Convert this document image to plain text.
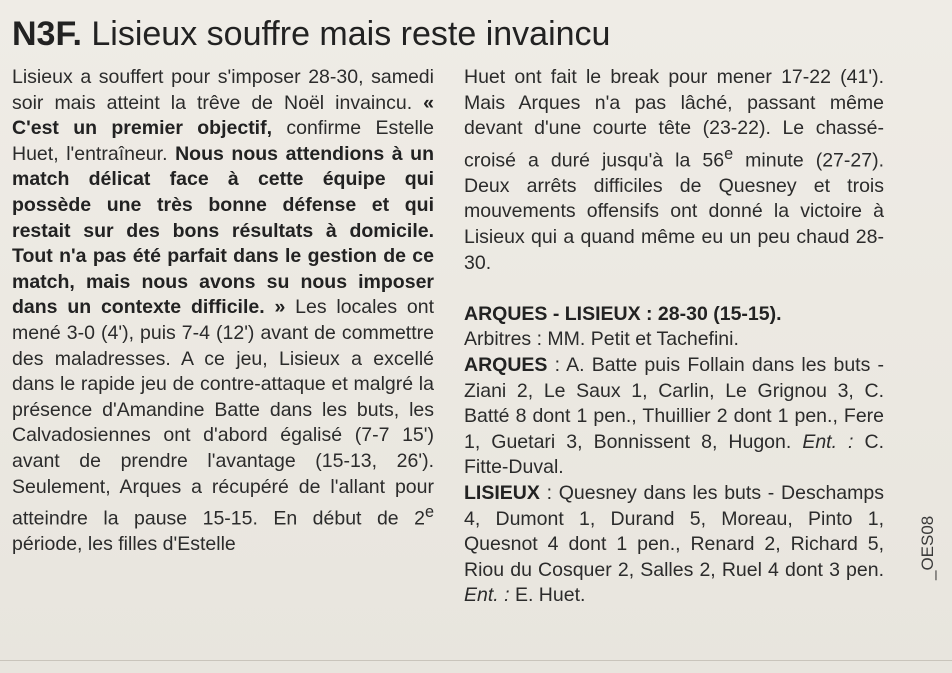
N3F. Lisieux souffre mais reste invaincu

Lisieux a souffert pour s'imposer 28-30, samedi soir mais atteint la trêve de Noël invaincu. « C'est un premier objectif, confirme Estelle Huet, l'entraîneur. Nous nous attendions à un match délicat face à cette équipe qui possède une très bonne défense et qui restait sur des bons résultats à domicile. Tout n'a pas été parfait dans le gestion de ce match, mais nous avons su nous imposer dans un contexte difficile. » Les locales ont mené 3-0 (4'), puis 7-4 (12') avant de commettre des maladresses. A ce jeu, Lisieux a excellé dans le rapide jeu de contre-attaque et malgré la présence d'Amandine Batte dans les buts, les Calvadosiennes ont d'abord égalisé (7-7 15') avant de prendre l'avantage (15-13, 26'). Seulement, Arques a récupéré de l'allant pour atteindre la pause 15-15. En début de 2e période, les filles d'Estelle

Huet ont fait le break pour mener 17-22 (41'). Mais Arques n'a pas lâché, passant même devant d'une courte tête (23-22). Le chassé-croisé a duré jusqu'à la 56e minute (27-27). Deux arrêts difficiles de Quesney et trois mouvements offensifs ont donné la victoire à Lisieux qui a quand même eu un peu chaud 28-30.

ARQUES - LISIEUX : 28-30 (15-15).

Arbitres : MM. Petit et Tachefini.

ARQUES : A. Batte puis Follain dans les buts - Ziani 2, Le Saux 1, Carlin, Le Grignou 3, C. Batté 8 dont 1 pen., Thuillier 2 dont 1 pen., Fere 1, Guetari 3, Bonnissent 8, Hugon. Ent. : C. Fitte-Duval.

LISIEUX : Quesney dans les buts - Deschamps 4, Dumont 1, Durand 5, Moreau, Pinto 1, Quesnot 4 dont 1 pen., Renard 2, Richard 5, Riou du Cosquer 2, Salles 2, Ruel 4 dont 3 pen. Ent. : E. Huet.

_OES08
